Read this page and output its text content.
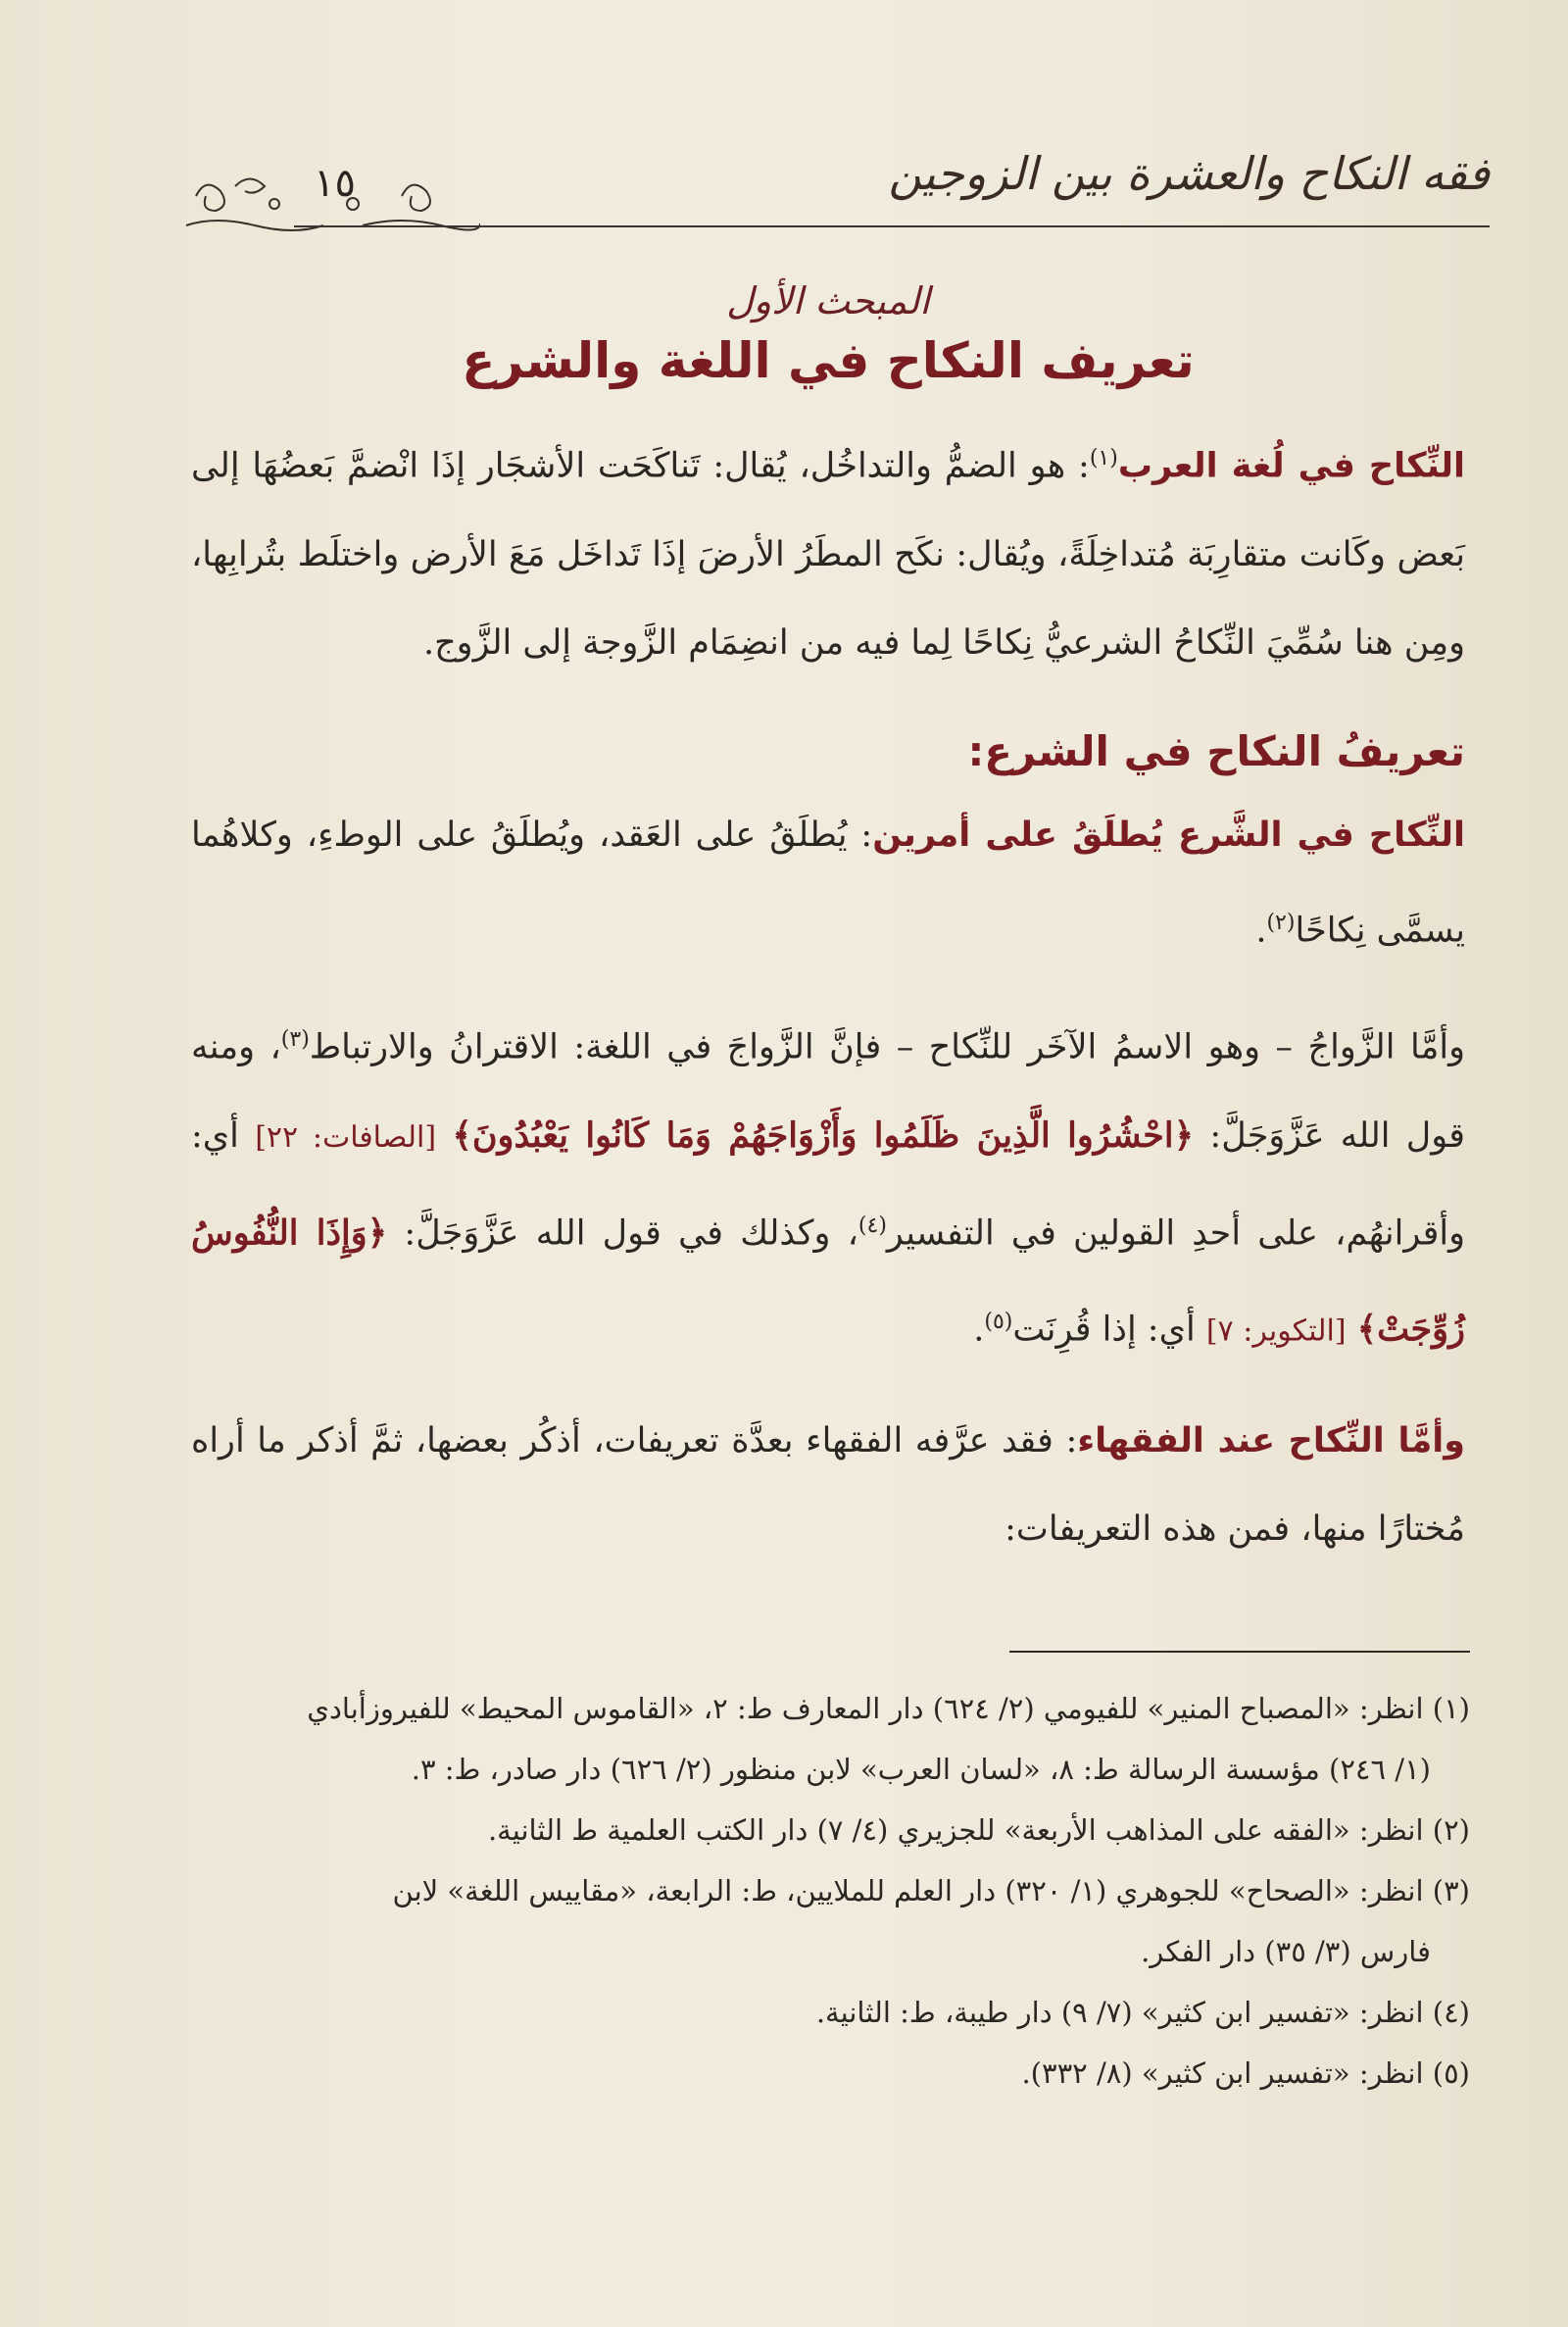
١٥	فقه النكاح والعشرة بين الزوجين
المبحث الأول
تعريف النكاح في اللغة والشرع

النِّكاح في لُغة العرب$^{(١)}$: هو الضمُّ والتداخُل، يُقال: تَناكَحَت الأشجَار إذَا انْضمَّ بَعضُهَا إلى بَعض وكَانت متقارِبَة مُتداخِلَةً، ويُقال: نكَح المطَرُ الأرضَ إذَا تَداخَل مَعَ الأرض واختلَط بتُرابِها، ومِن هنا سُمِّيَ النِّكاحُ الشرعيُّ نِكاحًا لِما فيه من انضِمَام الزَّوجة إلى الزَّوج.

تعريفُ النكاح في الشرع:

النِّكاح في الشَّرع يُطلَقُ على أمرين: يُطلَقُ على العَقد، ويُطلَقُ على الوطءِ، وكلاهُما يسمَّى نِكاحًا$^{(٢)}$.

وأمَّا الزَّواجُ – وهو الاسمُ الآخَر للنِّكاح – فإنَّ الزَّواجَ في اللغة: الاقترانُ والارتباط$^{(٣)}$، ومنه قول الله عَزَّوَجَلَّ: ﴿احْشُرُوا الَّذِينَ ظَلَمُوا وَأَزْوَاجَهُمْ وَمَا كَانُوا يَعْبُدُونَ﴾ [الصافات: ٢٢] أي: وأقرانهُم، على أحدِ القولين في التفسير$^{(٤)}$، وكذلك في قول الله عَزَّوَجَلَّ: ﴿وَإِذَا النُّفُوسُ زُوِّجَتْ﴾ [التكوير: ٧] أي: إذا قُرِنَت$^{(٥)}$.

وأمَّا النِّكاح عند الفقهاء: فقد عرَّفه الفقهاء بعدَّة تعريفات، أذكُر بعضها، ثمَّ أذكر ما أراه مُختارًا منها، فمن هذه التعريفات:

(١) انظر: «المصباح المنير» للفيومي (٢/ ٦٢٤) دار المعارف ط: ٢، «القاموس المحيط» للفيروزأبادي
(١/ ٢٤٦) مؤسسة الرسالة ط: ٨، «لسان العرب» لابن منظور (٢/ ٦٢٦) دار صادر، ط: ٣.

(٢) انظر: «الفقه على المذاهب الأربعة» للجزيري (٤/ ٧) دار الكتب العلمية ط الثانية.

(٣) انظر: «الصحاح» للجوهري (١/ ٣٢٠) دار العلم للملايين، ط: الرابعة، «مقاييس اللغة» لابن
فارس (٣/ ٣٥) دار الفكر.

(٤) انظر: «تفسير ابن كثير» (٧/ ٩) دار طيبة، ط: الثانية.

(٥) انظر: «تفسير ابن كثير» (٨/ ٣٣٢).
